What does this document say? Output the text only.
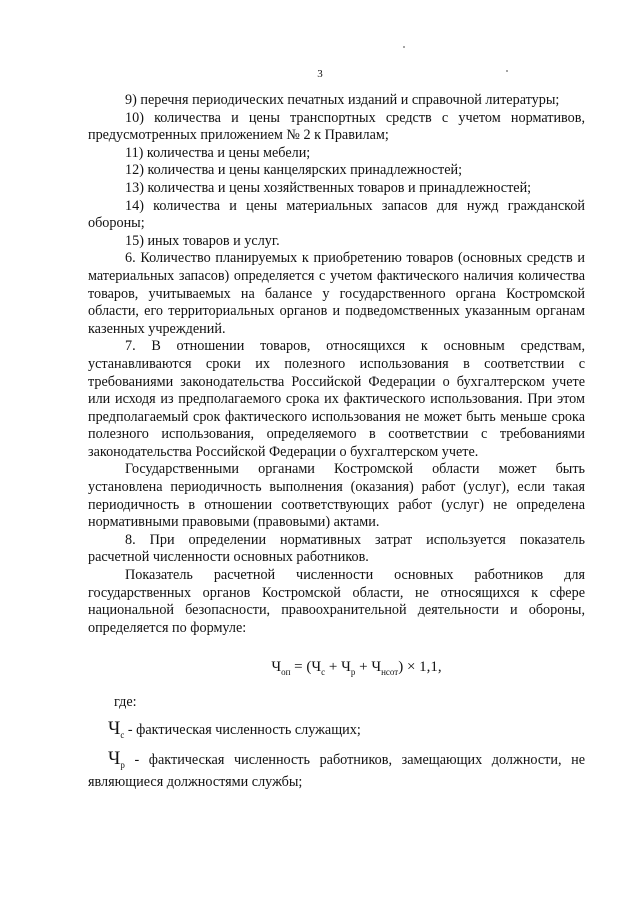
3

9) перечня периодических печатных изданий и справочной литературы;

10) количества и цены транспортных средств с учетом нормативов, предусмотренных приложением № 2 к Правилам;

11) количества и цены мебели;

12) количества и цены канцелярских принадлежностей;

13) количества и цены хозяйственных товаров и принадлежностей;

14) количества и цены материальных запасов для нужд гражданской обороны;

15) иных товаров и услуг.

6. Количество планируемых к приобретению товаров (основных средств и материальных запасов) определяется с учетом фактического наличия количества товаров, учитываемых на балансе у государственного органа Костромской области, его территориальных органов и подведомственных указанным органам казенных учреждений.

7. В отношении товаров, относящихся к основным средствам, устанавливаются сроки их полезного использования в соответствии с требованиями законодательства Российской Федерации о бухгалтерском учете или исходя из предполагаемого срока их фактического использования. При этом предполагаемый срок фактического использования не может быть меньше срока полезного использования, определяемого в соответствии с требованиями законодательства Российской Федерации о бухгалтерском учете.

Государственными органами Костромской области может быть установлена периодичность выполнения (оказания) работ (услуг), если такая периодичность в отношении соответствующих работ (услуг) не определена нормативными правовыми (правовыми) актами.

8. При определении нормативных затрат используется показатель расчетной численности основных работников.

Показатель расчетной численности основных работников для государственных органов Костромской области, не относящихся к сфере национальной безопасности, правоохранительной деятельности и обороны, определяется по формуле:

$Ч_{оп} = (Ч_с + Ч_р + Ч_{нсот}) \times 1,1$,

где:

$Ч_с$ - фактическая численность служащих;

$Ч_р$ - фактическая численность работников, замещающих должности, не являющиеся должностями службы;
